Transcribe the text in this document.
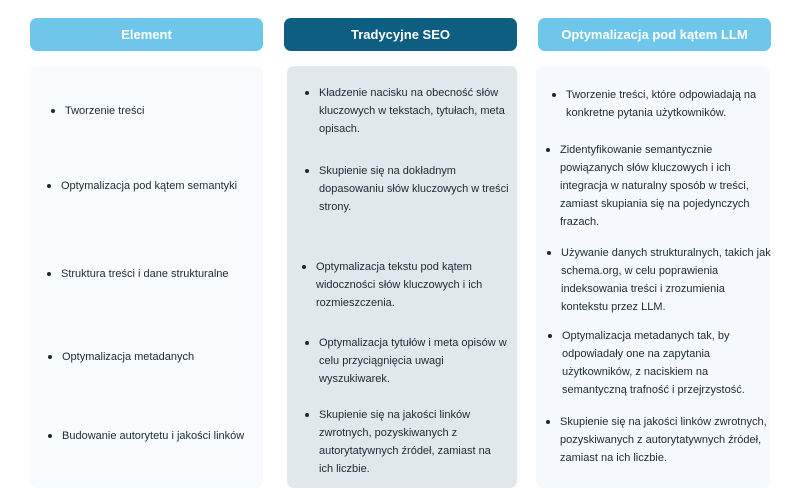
Element	Tradycyjne SEO	Optymalizacja pod kątem LLM
Tworzenie treści
Optymalizacja pod kątem semantyki
Struktura treści i dane strukturalne
Optymalizacja metadanych
Budowanie autorytetu i jakości linków
Kładzenie nacisku na obecność słów kluczowych w tekstach, tytułach, meta opisach.
Skupienie się na dokładnym dopasowaniu słów kluczowych w treści strony.
Optymalizacja tekstu pod kątem widoczności słów kluczowych i ich rozmieszczenia.
Optymalizacja tytułów i meta opisów w celu przyciągnięcia uwagi wyszukiwarek.
Skupienie się na jakości linków zwrotnych, pozyskiwanych z autorytatywnych źródeł, zamiast na ich liczbie.
Tworzenie treści, które odpowiadają na konkretne pytania użytkowników.
Zidentyfikowanie semantycznie powiązanych słów kluczowych i ich integracja w naturalny sposób w treści, zamiast skupiania się na pojedynczych frazach.
Używanie danych strukturalnych, takich jak schema.org, w celu poprawienia indeksowania treści i zrozumienia kontekstu przez LLM.
Optymalizacja metadanych tak, by odpowiadały one na zapytania użytkowników, z naciskiem na semantyczną trafność i przejrzystość.
Skupienie się na jakości linków zwrotnych, pozyskiwanych z autorytatywnych źródeł, zamiast na ich liczbie.
